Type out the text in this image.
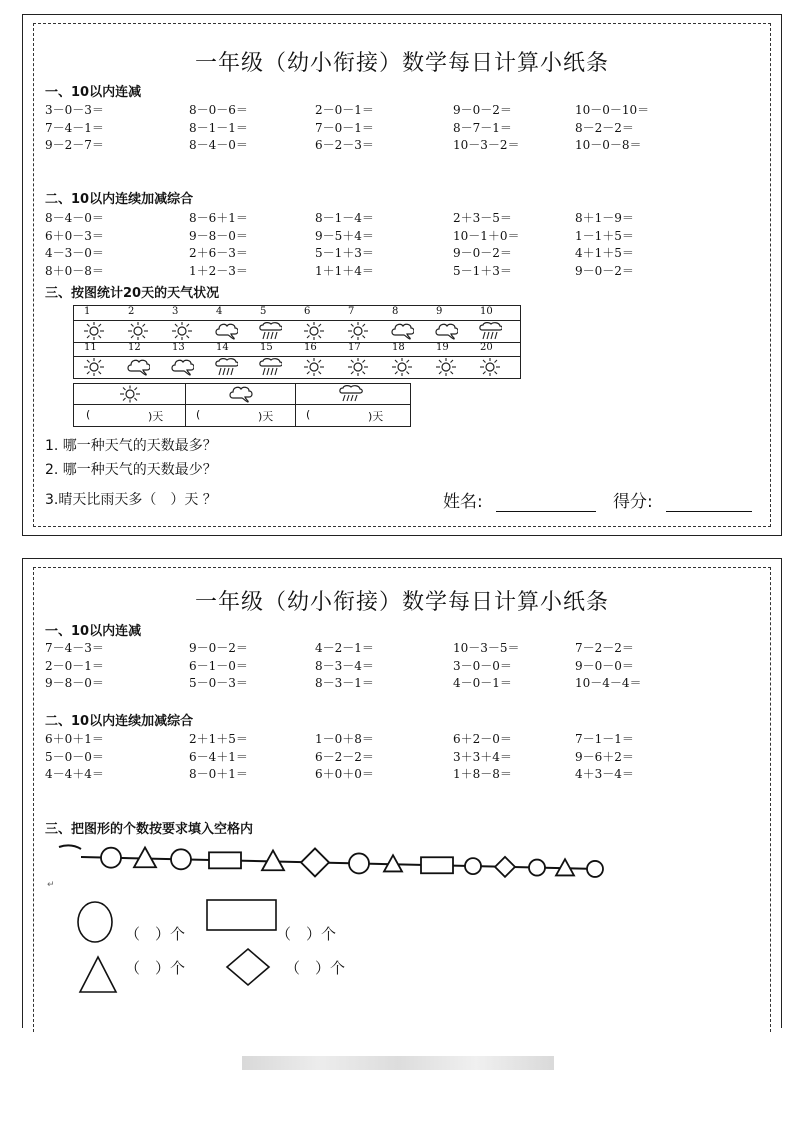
一年级（幼小衔接）数学每日计算小纸条
一、10以内连减
3－0－3＝	8－0－6＝	2－0－1＝	9－0－2＝	10－0－10＝
7－4－1＝	8－1－1＝	7－0－1＝	8－7－1＝	8－2－2＝
9－2－7＝	8－4－0＝	6－2－3＝	10－3－2＝	10－0－8＝
二、10以内连续加减综合
8－4－0＝	8－6＋1＝	8－1－4＝	2＋3－5＝	8＋1－9＝
6＋0－3＝	9－8－0＝	9－5＋4＝	10－1＋0＝	1－1＋5＝
4－3－0＝	2＋6－3＝	5－1＋3＝	9－0－2＝	4＋1＋5＝
8＋0－8＝	1＋2－3＝	1＋1＋4＝	5－1＋3＝	9－0－2＝
三、按图统计20天的天气状况
1	2	3	4	5	6	7	8	9	10
11	12	13	14	15	16	17	18	19	20
(	)天	(	)天	(	)天
1. 哪一种天气的天数最多？
2. 哪一种天气的天数最少？
3.晴天比雨天多（　）天 ？	姓名:	得分:
一年级（幼小衔接）数学每日计算小纸条
一、10以内连减
7－4－3＝	9－0－2＝	4－2－1＝	10－3－5＝	7－2－2＝
2－0－1＝	6－1－0＝	8－3－4＝	3－0－0＝	9－0－0＝
9－8－0＝	5－0－3＝	8－3－1＝	4－0－1＝	10－4－4＝
二、10以内连续加减综合
6＋0＋1＝	2＋1＋5＝	1－0＋8＝	6＋2－0＝	7－1－1＝
5－0－0＝	6－4＋1＝	6－2－2＝	3＋3＋4＝	9－6＋2＝
4－4＋4＝	8－0＋1＝	6＋0＋0＝	1＋8－8＝	4＋3－4＝
三、把图形的个数按要求填入空格内
↵
（　）个	（　）个
（　）个	（　）个
